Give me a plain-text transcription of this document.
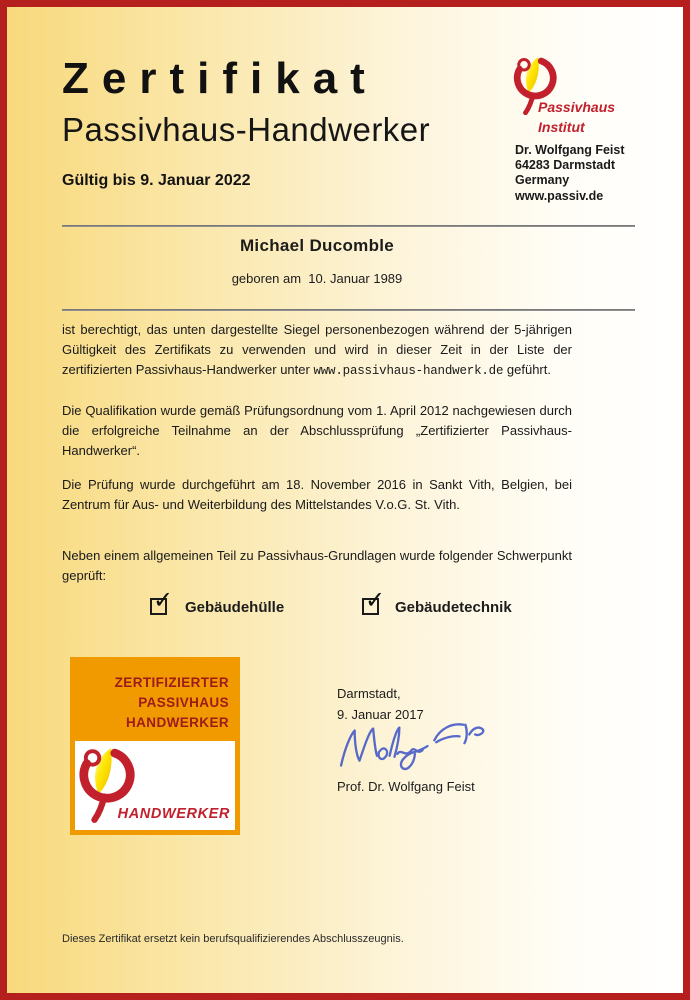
Zertifikat
Passivhaus-Handwerker
Gültig bis 9. Januar 2022
Passivhaus
Institut
Dr. Wolfgang Feist
64283 Darmstadt
Germany
www.passiv.de
Michael Ducomble
geboren am  10. Januar 1989

ist berechtigt, das unten dargestellte Siegel personenbezogen während der 5-jährigen Gültigkeit des Zertifikats zu verwenden und wird in dieser Zeit in der Liste der zertifizierten Passivhaus-Handwerker unter www.passivhaus-handwerk.de geführt.

Die Qualifikation wurde gemäß Prüfungsordnung vom 1. April 2012 nachgewiesen durch die erfolgreiche Teilnahme an der Abschlussprüfung „Zertifizierter Passivhaus-Handwerker“.

Die Prüfung wurde durchgeführt am 18. November 2016 in Sankt Vith, Belgien, bei Zentrum für Aus- und Weiterbildung des Mittelstandes V.o.G. St. Vith.

Neben einem allgemeinen Teil zu Passivhaus-Grundlagen wurde folgender Schwerpunkt geprüft:

✓ Gebäudehülle	✓ Gebäudetechnik
ZERTIFIZIERTER
PASSIVHAUS
HANDWERKER
HANDWERKER
Darmstadt,
9. Januar 2017
Prof. Dr. Wolfgang Feist
Dieses Zertifikat ersetzt kein berufsqualifizierendes Abschlusszeugnis.
